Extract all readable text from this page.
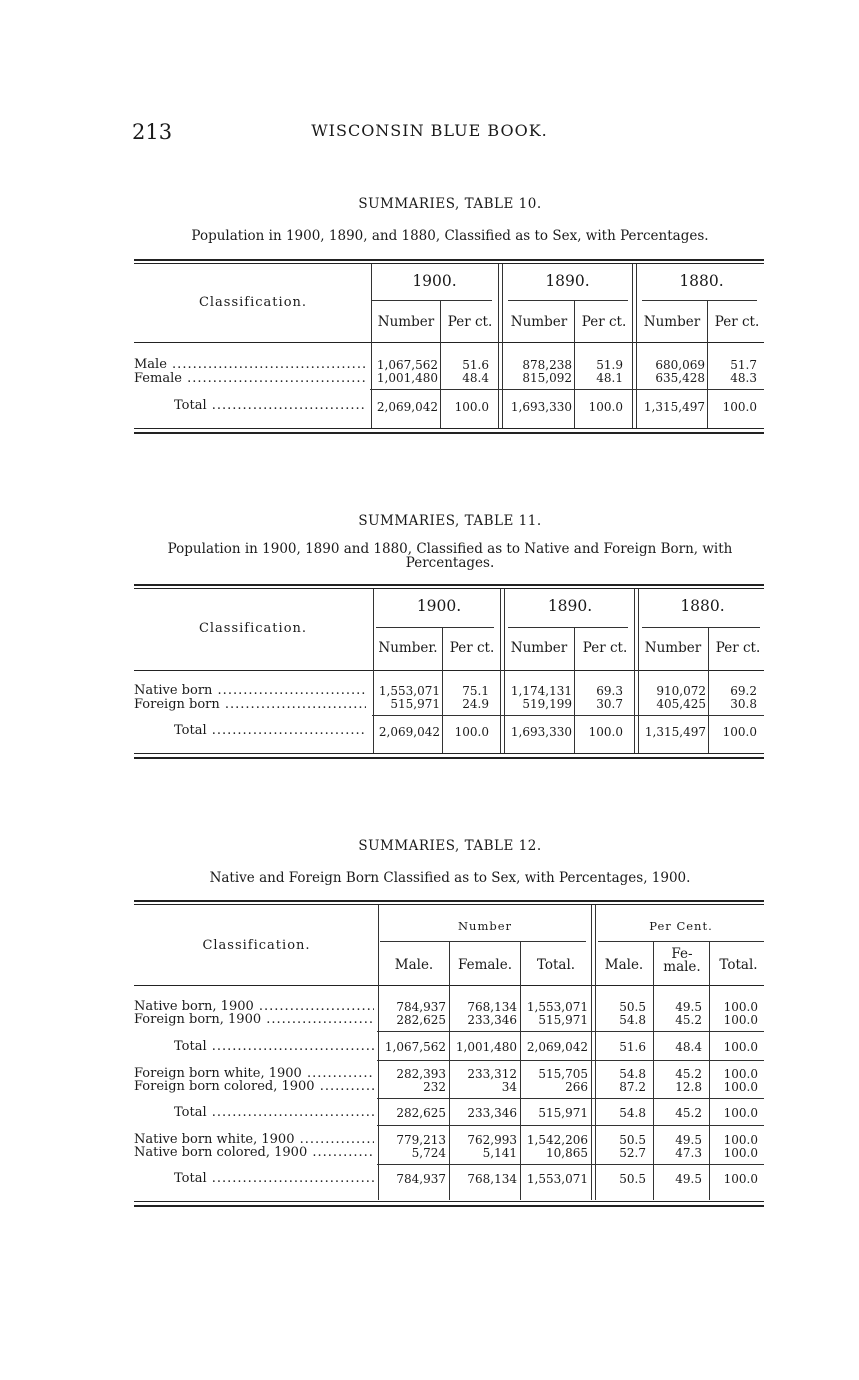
213	WISCONSIN BLUE BOOK.
SUMMARIES, TABLE 10.
Population in 1900, 1890, and 1880, Classified as to Sex, with Percentages.
Classification.
1900.	1890.	1880.
Number	Per ct.	Number	Per ct.	Number	Per ct.
Male .....	1,067,562	51.6	878,238	51.9	680,069	51.7
Female .....	1,001,480	48.4	815,092	48.1	635,428	48.3
Total .....	2,069,042	100.0	1,693,330	100.0	1,315,497	100.0
SUMMARIES, TABLE 11.
Population in 1900, 1890 and 1880, Classified as to Native and Foreign Born, with
Percentages.
Classification.
1900.	1890.	1880.
Number. Per ct.	Number	Per ct.	Number	Per ct.
Native born .....	1,553,071	75.1	1,174,131	69.3	910,072	69.2
Foreign born .....	515,971	24.9	519,199	30.7	405,425	30.8
Total .....	2,069,042	100.0	1,693,330	100.0	1,315,497	100.0
SUMMARIES, TABLE 12.
Native and Foreign Born Classified as to Sex, with Percentages, 1900.
Classification.
Number	Per Cent.
Male.	Female.	Total.	Male.
Fe-
male.	Total.
Native born, 1900 .....	784,937	768,134 1,553,071	50.5	49.5	100.0
Foreign born, 1900 .....	282,625	233,346	515,971	54.8	45.2	100.0
Total .....	1,067,562 1,001,480 2,069,042	51.6	48.4	100.0
Foreign born white, 1900 .....	282,393	233,312	515,705	54.8	45.2	100.0
Foreign born colored, 1900 .....	232	34	266	87.2	12.8	100.0
Total .....	282,625	233,346	515,971	54.8	45.2	100.0
Native born white, 1900 .....	779,213	762,993 1,542,206	50.5	49.5	100.0
Native born colored, 1900 .....	5,724	5,141	10,865	52.7	47.3	100.0
Total .....	784,937	768,134 1,553,071	50.5	49.5	100.0
